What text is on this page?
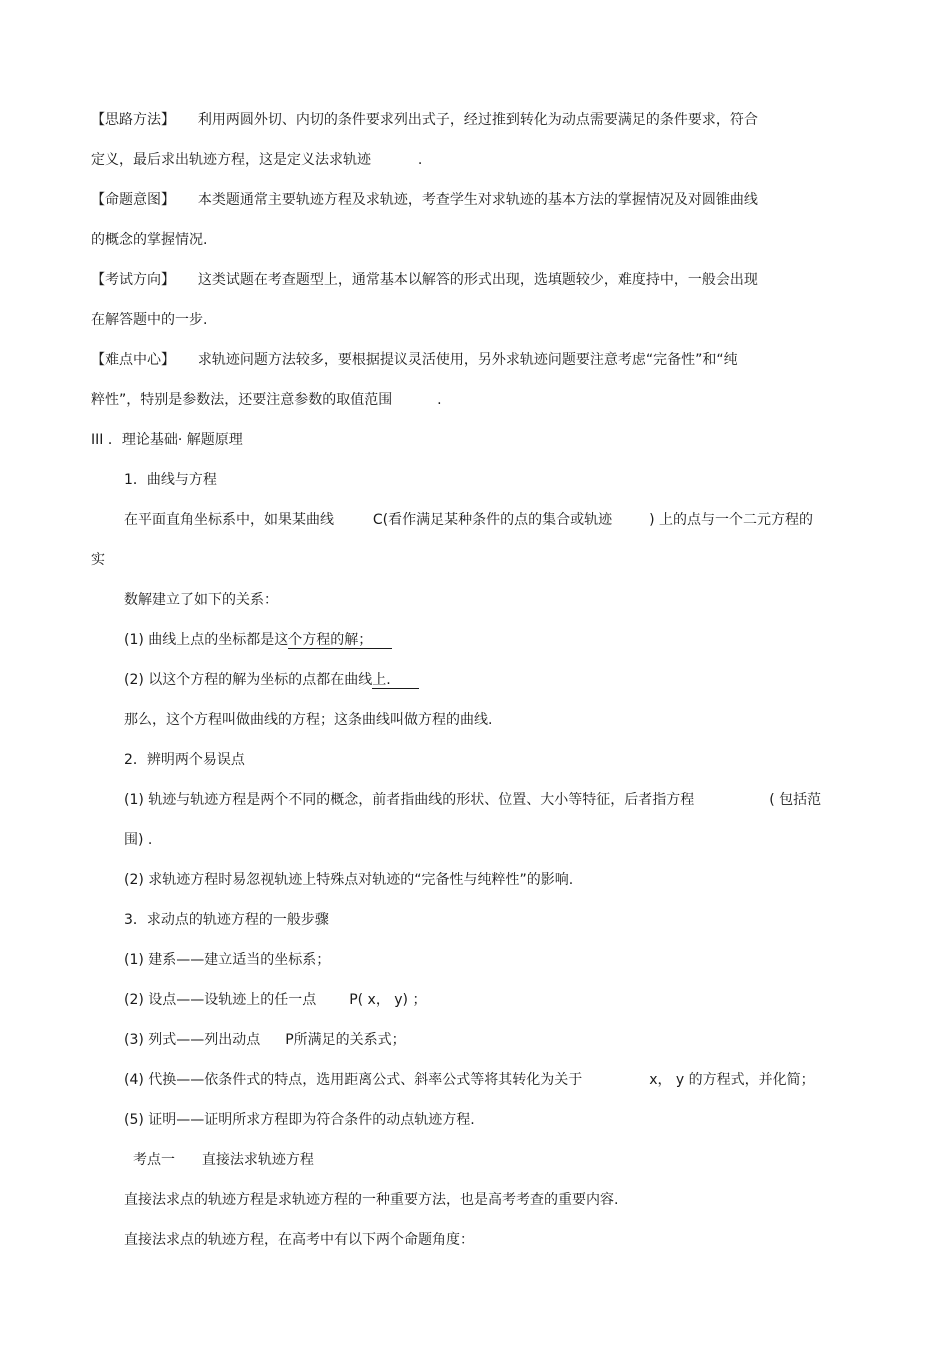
【思路方法】 利用两圆外切、内切的条件要求列出式子，经过推到转化为动点需要满足的条件要求，符合
定义，最后求出轨迹方程，这是定义法求轨迹	.
【命题意图】 本类题通常主要轨迹方程及求轨迹，考查学生对求轨迹的基本方法的掌握情况及对圆锥曲线
的概念的掌握情况.
【考试方向】 这类试题在考查题型上，通常基本以解答的形式出现，选填题较少，难度持中，一般会出现
在解答题中的一步.
【难点中心】 求轨迹问题方法较多，要根据提议灵活使用，另外求轨迹问题要注意考虑“完备性”和“纯
粹性”，特别是参数法，还要注意参数的取值范围	.
III ．理论基础· 解题原理
1．曲线与方程
在平面直角坐标系中，如果某曲线	C(看作满足某种条件的点的集合或轨迹	) 上的点与一个二元方程的
实
数解建立了如下的关系：
(1) 曲线上点的坐标都是这个方程的解；
(2) 以这个方程的解为坐标的点都在曲线上.
那么，这个方程叫做曲线的方程；这条曲线叫做方程的曲线.
2．辨明两个易误点
(1) 轨迹与轨迹方程是两个不同的概念，前者指曲线的形状、位置、大小等特征，后者指方程	( 包括范
围) .
(2) 求轨迹方程时易忽视轨迹上特殊点对轨迹的“完备性与纯粹性”的影响.
3．求动点的轨迹方程的一般步骤
(1) 建系——建立适当的坐标系；
(2) 设点——设轨迹上的任一点 P( x， y) ；
(3) 列式——列出动点 P所满足的关系式；
(4) 代换——依条件式的特点，选用距离公式、斜率公式等将其转化为关于	x， y 的方程式，并化简；
(5) 证明——证明所求方程即为符合条件的动点轨迹方程.
考点一 直接法求轨迹方程
直接法求点的轨迹方程是求轨迹方程的一种重要方法，也是高考考查的重要内容.
直接法求点的轨迹方程，在高考中有以下两个命题角度：
